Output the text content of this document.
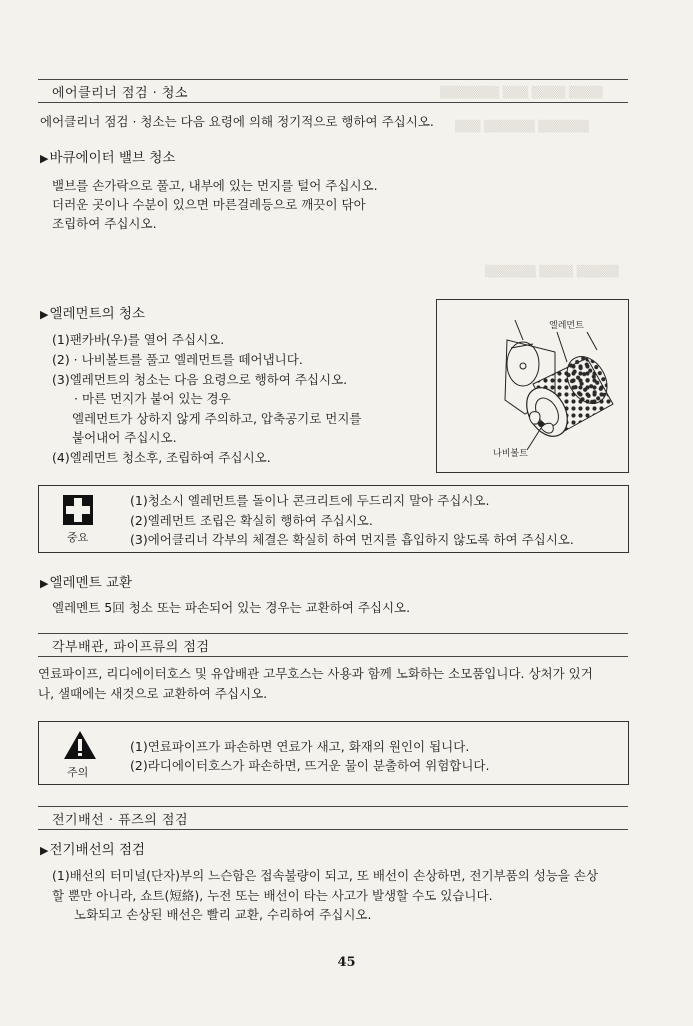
▒▒▒▒▒▒▒ ▒▒▒ ▒▒▒▒ ▒▒▒▒
▒▒▒ ▒▒▒▒▒▒ ▒▒▒▒▒▒
▒▒▒▒▒▒ ▒▒▒▒ ▒▒▒▒▒
에어클리너 점검 · 청소
에어클리너 점검 · 청소는 다음 요령에 의해 정기적으로 행하여 주십시오.
▶바큐에이터 밸브 청소
밸브를 손가락으로 풀고, 내부에 있는 먼지를 털어 주십시오.
더러운 곳이나 수분이 있으면 마른걸레등으로 깨끗이 닦아
조립하여 주십시오.
▶엘레먼트의 청소
(1)팬카바(우)를 열어 주십시오.
(2) · 나비볼트를 풀고 엘레먼트를 떼어냅니다.
(3)엘레먼트의 청소는 다음 요령으로 행하여 주십시오.
· 마른 먼지가 붙어 있는 경우
엘레먼트가 상하지 않게 주의하고, 압축공기로 먼지를
붙어내어 주십시오.
(4)엘레먼트 청소후, 조립하여 주십시오.
엘레먼트
나비볼트
중요
(1)청소시 엘레먼트를 돌이나 콘크리트에 두드리지 말아 주십시오.
(2)엘레먼트 조립은 확실히 행하여 주십시오.
(3)에어클리너 각부의 체결은 확실히 하여 먼지를 흡입하지 않도록 하여 주십시오.
▶엘레멘트 교환
엘레멘트 5回 청소 또는 파손되어 있는 경우는 교환하여 주십시오.
각부배관, 파이프류의 점검
연료파이프, 리디에이터호스 및 유압배관 고무호스는 사용과 함께 노화하는 소모품입니다. 상처가 있거
나, 샐때에는 새것으로 교환하여 주십시오.
주의
(1)연료파이프가 파손하면 연료가 새고, 화재의 원인이 됩니다.
(2)라디에이터호스가 파손하면, 뜨거운 물이 분출하여 위험합니다.
전기배선 · 퓨즈의 점검
▶전기배선의 점검
(1)배선의 터미널(단자)부의 느슨함은 접속불량이 되고, 또 배선이 손상하면, 전기부품의 성능을 손상
할 뿐만 아니라, 쇼트(短絡), 누전 또는 배선이 타는 사고가 발생할 수도 있습니다.
노화되고 손상된 배선은 빨리 교환, 수리하여 주십시오.
45
